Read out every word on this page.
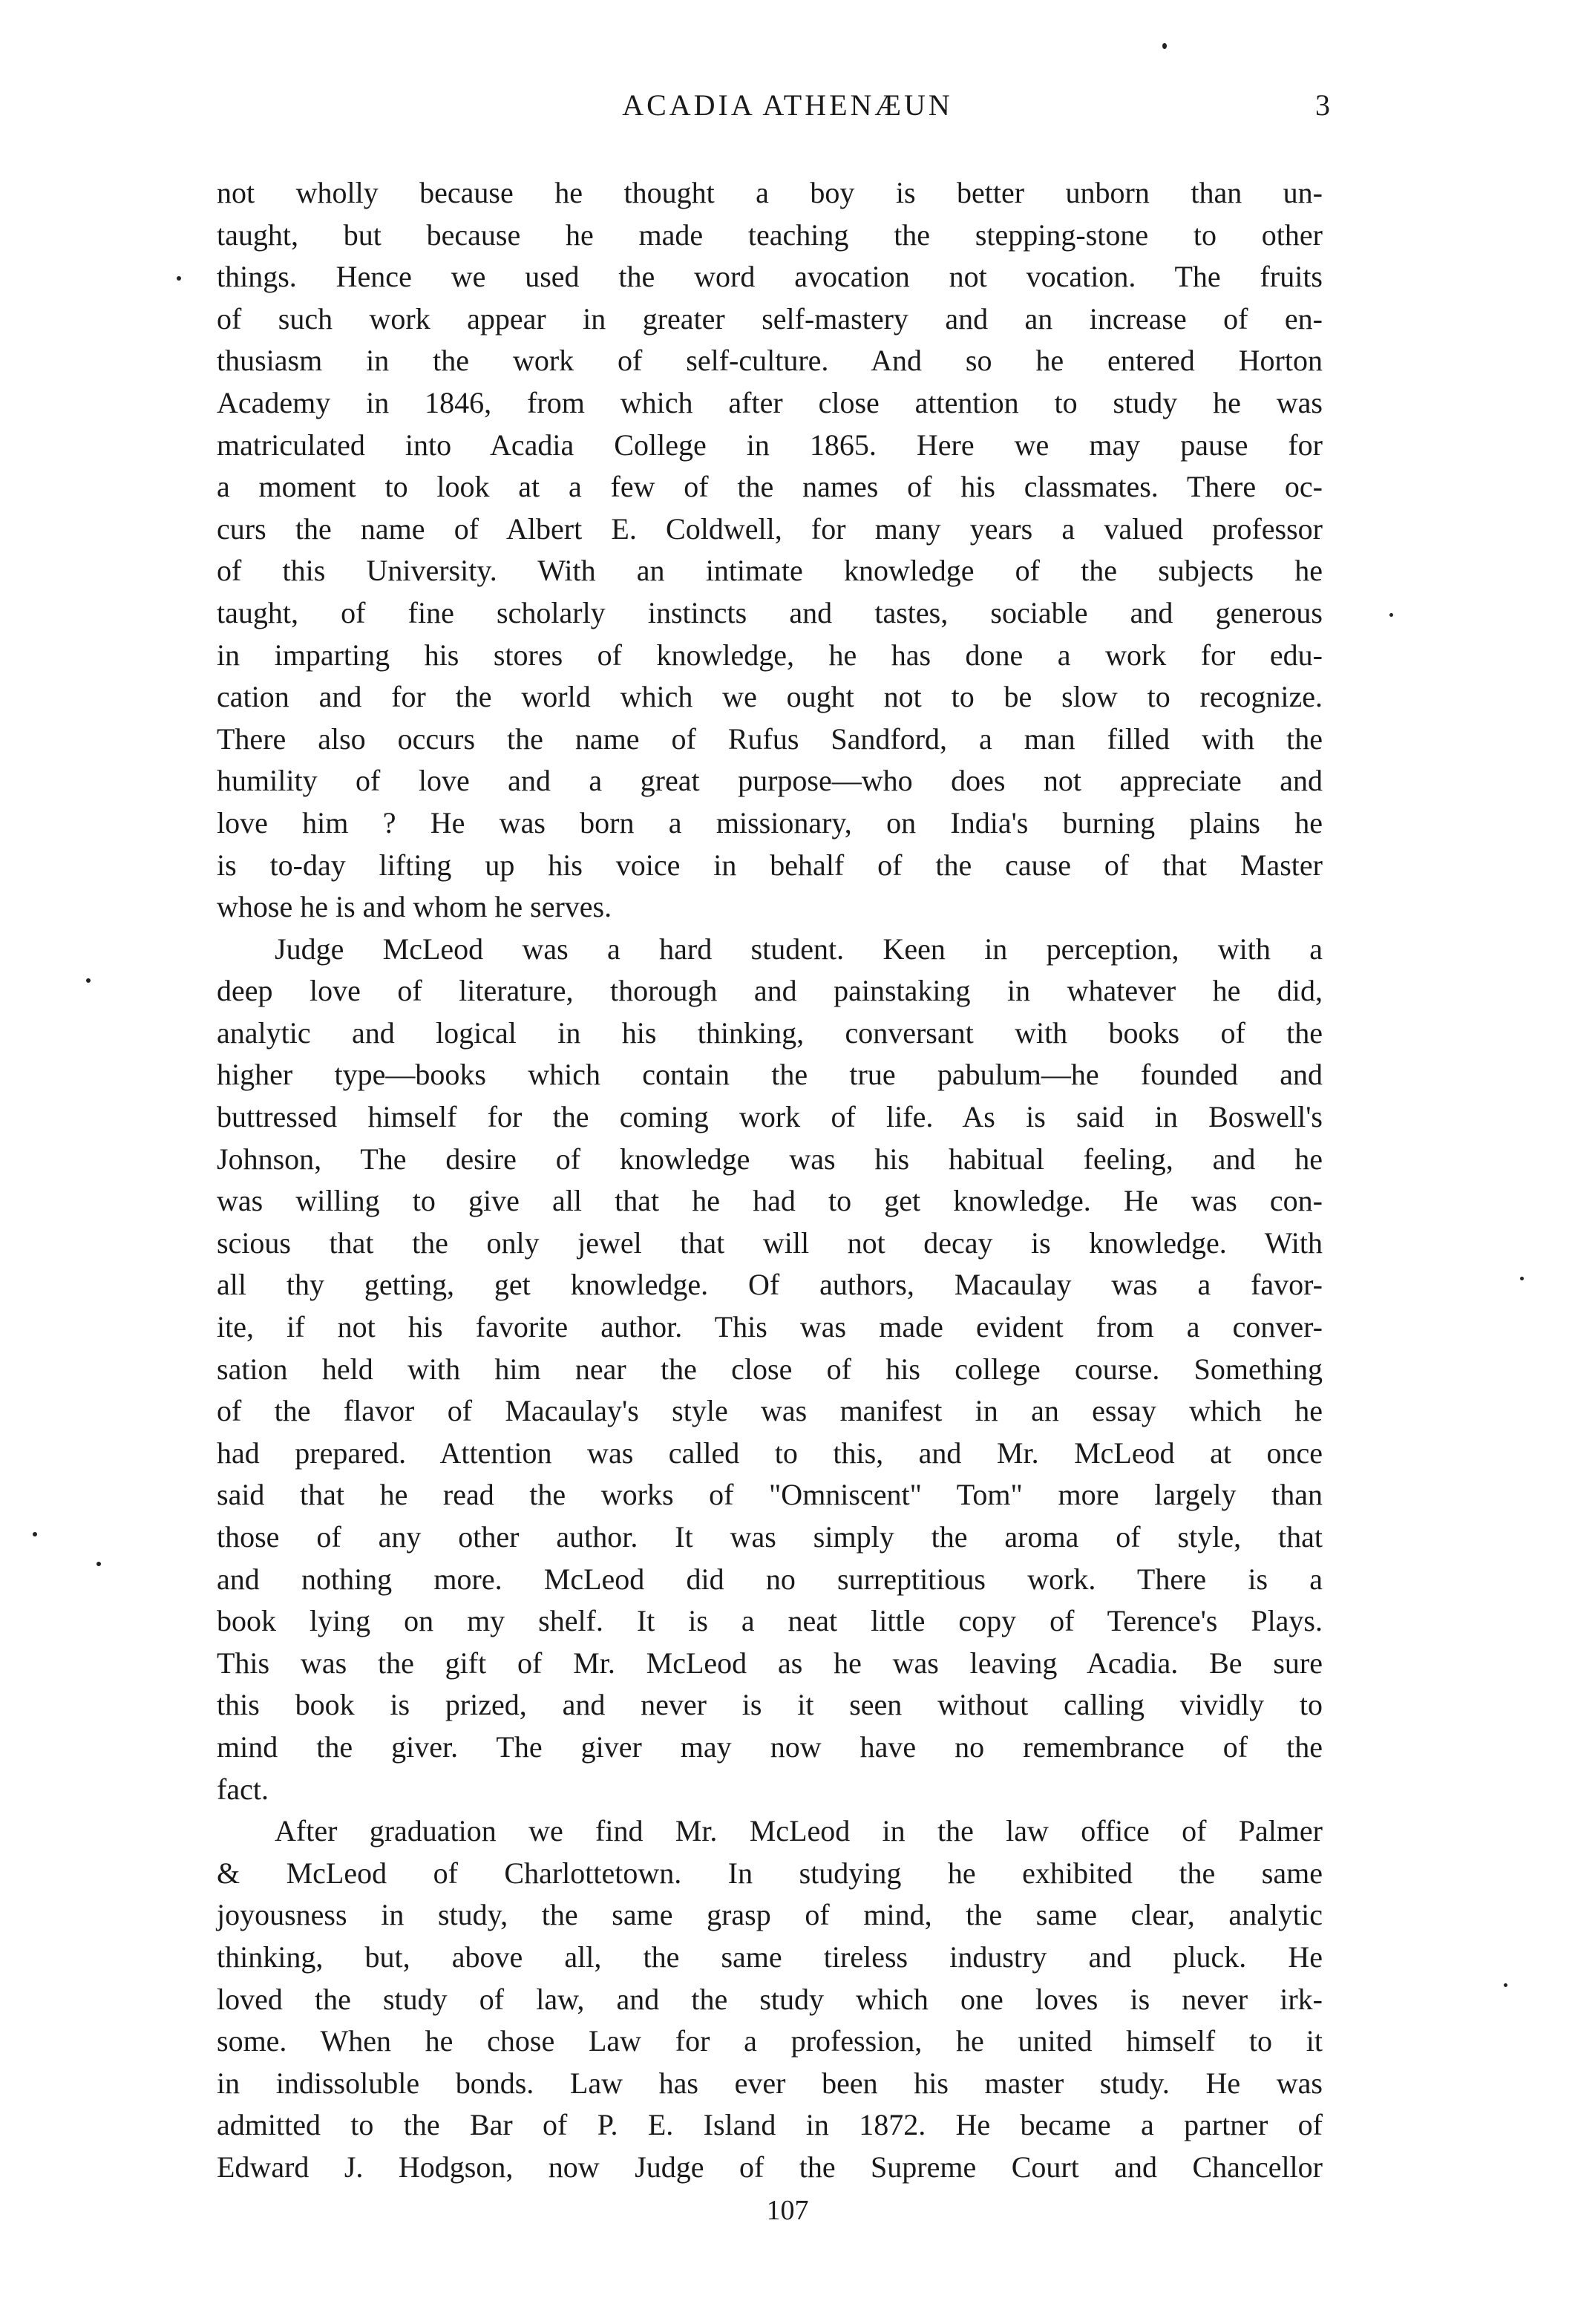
ACADIA ATHENÆUN	3
not wholly because he thought a boy is better unborn than un-
taught, but because he made teaching the stepping-stone to other
things. Hence we used the word avocation not vocation. The fruits
of such work appear in greater self-mastery and an increase of en-
thusiasm in the work of self-culture. And so he entered Horton
Academy in 1846, from which after close attention to study he was
matriculated into Acadia College in 1865. Here we may pause for
a moment to look at a few of the names of his classmates. There oc-
curs the name of Albert E. Coldwell, for many years a valued professor
of this University. With an intimate knowledge of the subjects he
taught, of fine scholarly instincts and tastes, sociable and generous
in imparting his stores of knowledge, he has done a work for edu-
cation and for the world which we ought not to be slow to recognize.
There also occurs the name of Rufus Sandford, a man filled with the
humility of love and a great purpose—who does not appreciate and
love him ? He was born a missionary, on India's burning plains he
is to-day lifting up his voice in behalf of the cause of that Master
whose he is and whom he serves.
Judge McLeod was a hard student. Keen in perception, with a
deep love of literature, thorough and painstaking in whatever he did,
analytic and logical in his thinking, conversant with books of the
higher type—books which contain the true pabulum—he founded and
buttressed himself for the coming work of life. As is said in Boswell's
Johnson, The desire of knowledge was his habitual feeling, and he
was willing to give all that he had to get knowledge. He was con-
scious that the only jewel that will not decay is knowledge. With
all thy getting, get knowledge. Of authors, Macaulay was a favor-
ite, if not his favorite author. This was made evident from a conver-
sation held with him near the close of his college course. Something
of the flavor of Macaulay's style was manifest in an essay which he
had prepared. Attention was called to this, and Mr. McLeod at once
said that he read the works of "Omniscent" Tom" more largely than
those of any other author. It was simply the aroma of style, that
and nothing more. McLeod did no surreptitious work. There is a
book lying on my shelf. It is a neat little copy of Terence's Plays.
This was the gift of Mr. McLeod as he was leaving Acadia. Be sure
this book is prized, and never is it seen without calling vividly to
mind the giver. The giver may now have no remembrance of the
fact.
After graduation we find Mr. McLeod in the law office of Palmer
& McLeod of Charlottetown. In studying he exhibited the same
joyousness in study, the same grasp of mind, the same clear, analytic
thinking, but, above all, the same tireless industry and pluck. He
loved the study of law, and the study which one loves is never irk-
some. When he chose Law for a profession, he united himself to it
in indissoluble bonds. Law has ever been his master study. He was
admitted to the Bar of P. E. Island in 1872. He became a partner of
Edward J. Hodgson, now Judge of the Supreme Court and Chancellor
107
